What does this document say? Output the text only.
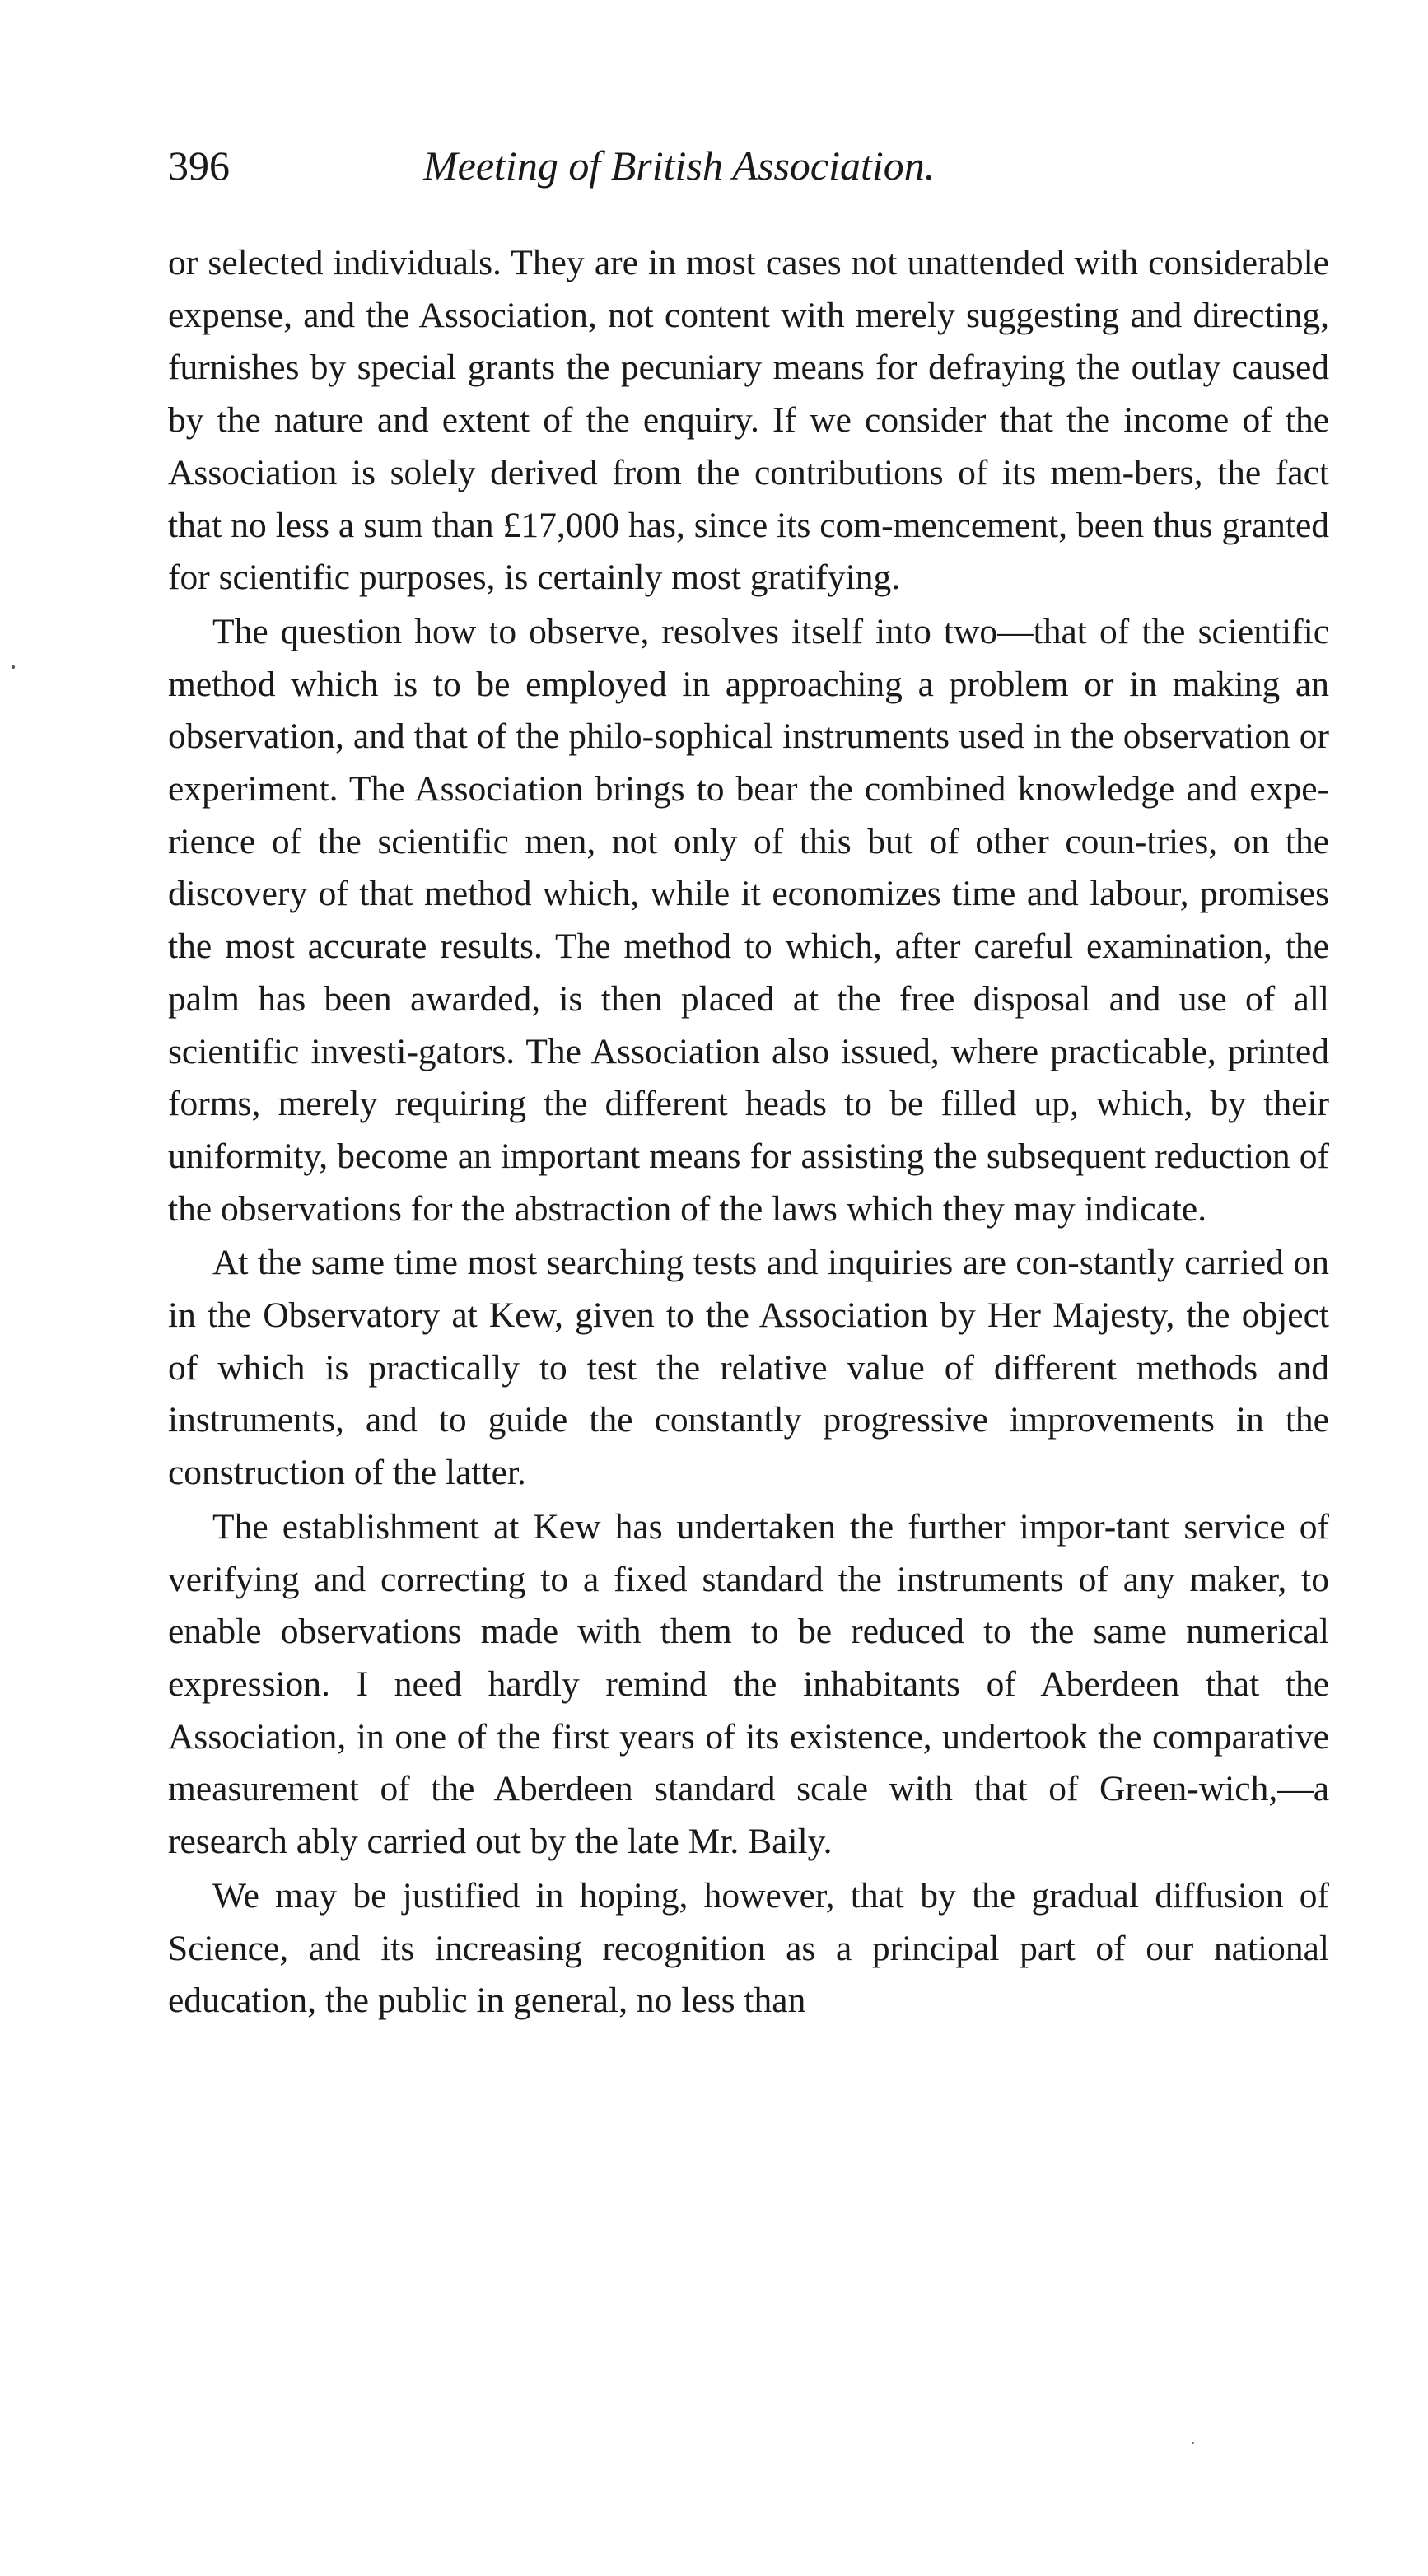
396	Meeting of British Association.

or selected individuals. They are in most cases not unattended with considerable expense, and the Association, not content with merely suggesting and directing, furnishes by special grants the pecuniary means for defraying the outlay caused by the nature and extent of the enquiry. If we consider that the income of the Association is solely derived from the contributions of its mem-bers, the fact that no less a sum than £17,000 has, since its com-mencement, been thus granted for scientific purposes, is certainly most gratifying.

The question how to observe, resolves itself into two—that of the scientific method which is to be employed in approaching a problem or in making an observation, and that of the philo-sophical instruments used in the observation or experiment. The Association brings to bear the combined knowledge and expe-rience of the scientific men, not only of this but of other coun-tries, on the discovery of that method which, while it economizes time and labour, promises the most accurate results. The method to which, after careful examination, the palm has been awarded, is then placed at the free disposal and use of all scientific investi-gators. The Association also issued, where practicable, printed forms, merely requiring the different heads to be filled up, which, by their uniformity, become an important means for assisting the subsequent reduction of the observations for the abstraction of the laws which they may indicate.

At the same time most searching tests and inquiries are con-stantly carried on in the Observatory at Kew, given to the Association by Her Majesty, the object of which is practically to test the relative value of different methods and instruments, and to guide the constantly progressive improvements in the construction of the latter.

The establishment at Kew has undertaken the further impor-tant service of verifying and correcting to a fixed standard the instruments of any maker, to enable observations made with them to be reduced to the same numerical expression. I need hardly remind the inhabitants of Aberdeen that the Association, in one of the first years of its existence, undertook the comparative measurement of the Aberdeen standard scale with that of Green-wich,—a research ably carried out by the late Mr. Baily.

We may be justified in hoping, however, that by the gradual diffusion of Science, and its increasing recognition as a principal part of our national education, the public in general, no less than
